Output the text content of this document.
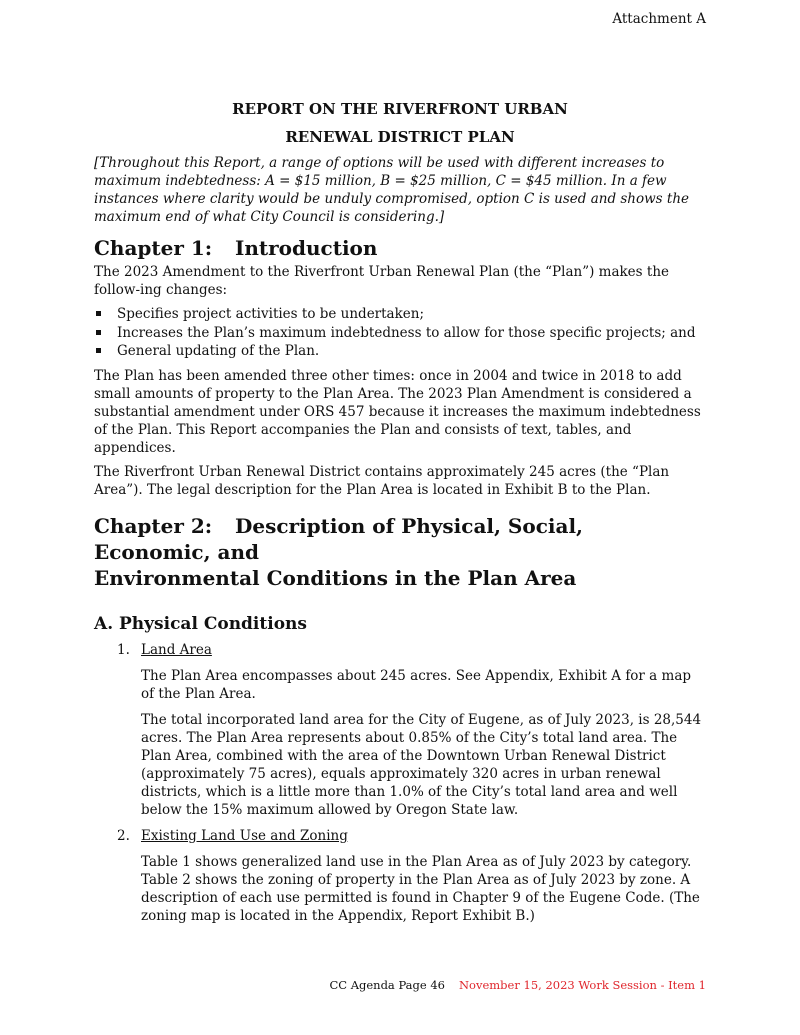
Attachment A
REPORT ON THE RIVERFRONT URBAN
RENEWAL DISTRICT PLAN

[Throughout this Report, a range of options will be used with different increases to maximum indebtedness: A = $15 million, B = $25 million, C = $45 million. In a few instances where clarity would be unduly compromised, option C is used and shows the maximum end of what City Council is considering.]

Chapter 1: Introduction

The 2023 Amendment to the Riverfront Urban Renewal Plan (the “Plan”) makes the follow-ing changes:

Specifies project activities to be undertaken;
Increases the Plan’s maximum indebtedness to allow for those specific projects; and
General updating of the Plan.

The Plan has been amended three other times: once in 2004 and twice in 2018 to add small amounts of property to the Plan Area. The 2023 Plan Amendment is considered a substantial amendment under ORS 457 because it increases the maximum indebtedness of the Plan. This Report accompanies the Plan and consists of text, tables, and appendices.

The Riverfront Urban Renewal District contains approximately 245 acres (the “Plan Area”). The legal description for the Plan Area is located in Exhibit B to the Plan.

Chapter 2: Description of Physical, Social, Economic, and
Environmental Conditions in the Plan Area
A. Physical Conditions
1. Land Area

The Plan Area encompasses about 245 acres. See Appendix, Exhibit A for a map of the Plan Area.

The total incorporated land area for the City of Eugene, as of July 2023, is 28,544 acres. The Plan Area represents about 0.85% of the City’s total land area. The Plan Area, combined with the area of the Downtown Urban Renewal District (approximately 75 acres), equals approximately 320 acres in urban renewal districts, which is a little more than 1.0% of the City’s total land area and well below the 15% maximum allowed by Oregon State law.

2. Existing Land Use and Zoning

Table 1 shows generalized land use in the Plan Area as of July 2023 by category. Table 2 shows the zoning of property in the Plan Area as of July 2023 by zone. A description of each use permitted is found in Chapter 9 of the Eugene Code. (The zoning map is located in the Appendix, Report Exhibit B.)

CC Agenda Page 46 November 15, 2023 Work Session - Item 1
